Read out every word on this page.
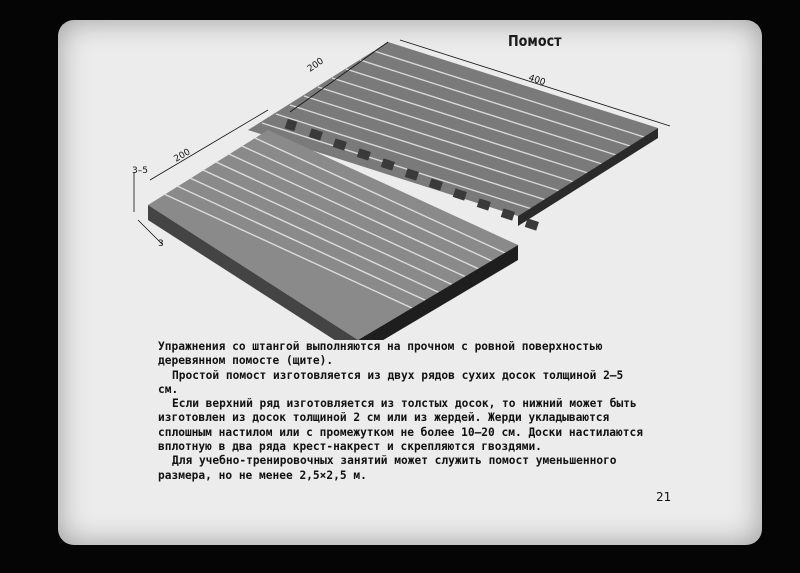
Помост
200
400
200
3–5
3

Упражнения со штангой выполняются на прочном с ровной поверхностью деревянном помосте (щите).

Простой помост изготовляется из двух рядов сухих досок толщиной 2—5 см.

Если верхний ряд изготовляется из толстых досок, то нижний может быть изготовлен из досок толщиной 2 см или из жердей. Жерди укладываются сплошным настилом или с промежутком не более 10—20 см. Доски настилаются вплотную в два ряда крест-накрест и скрепляются гвоздями.

Для учебно-тренировочных занятий может служить помост уменьшенного размера, но не менее 2,5×2,5 м.

21
